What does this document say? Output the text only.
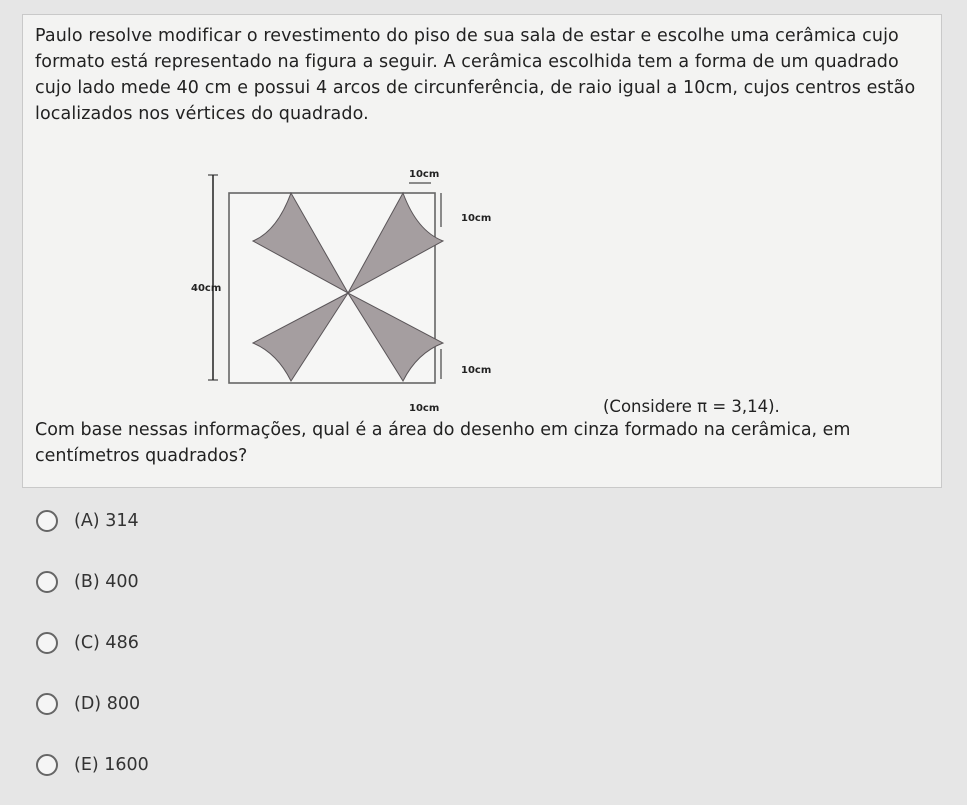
Paulo resolve modificar o revestimento do piso de sua sala de estar e escolhe uma cerâmica cujo formato está representado na figura a seguir. A cerâmica escolhida tem a forma de um quadrado cujo lado mede 40 cm e possui 4 arcos de circunferência, de raio igual a 10cm, cujos centros estão localizados nos vértices do quadrado.

10cm
10cm
40cm
10cm
10cm	(Considere π = 3,14).

Com base nessas informações, qual é a área do desenho em cinza formado na cerâmica, em centímetros quadrados?

(A) 314
(B) 400
(C) 486
(D) 800
(E) 1600
